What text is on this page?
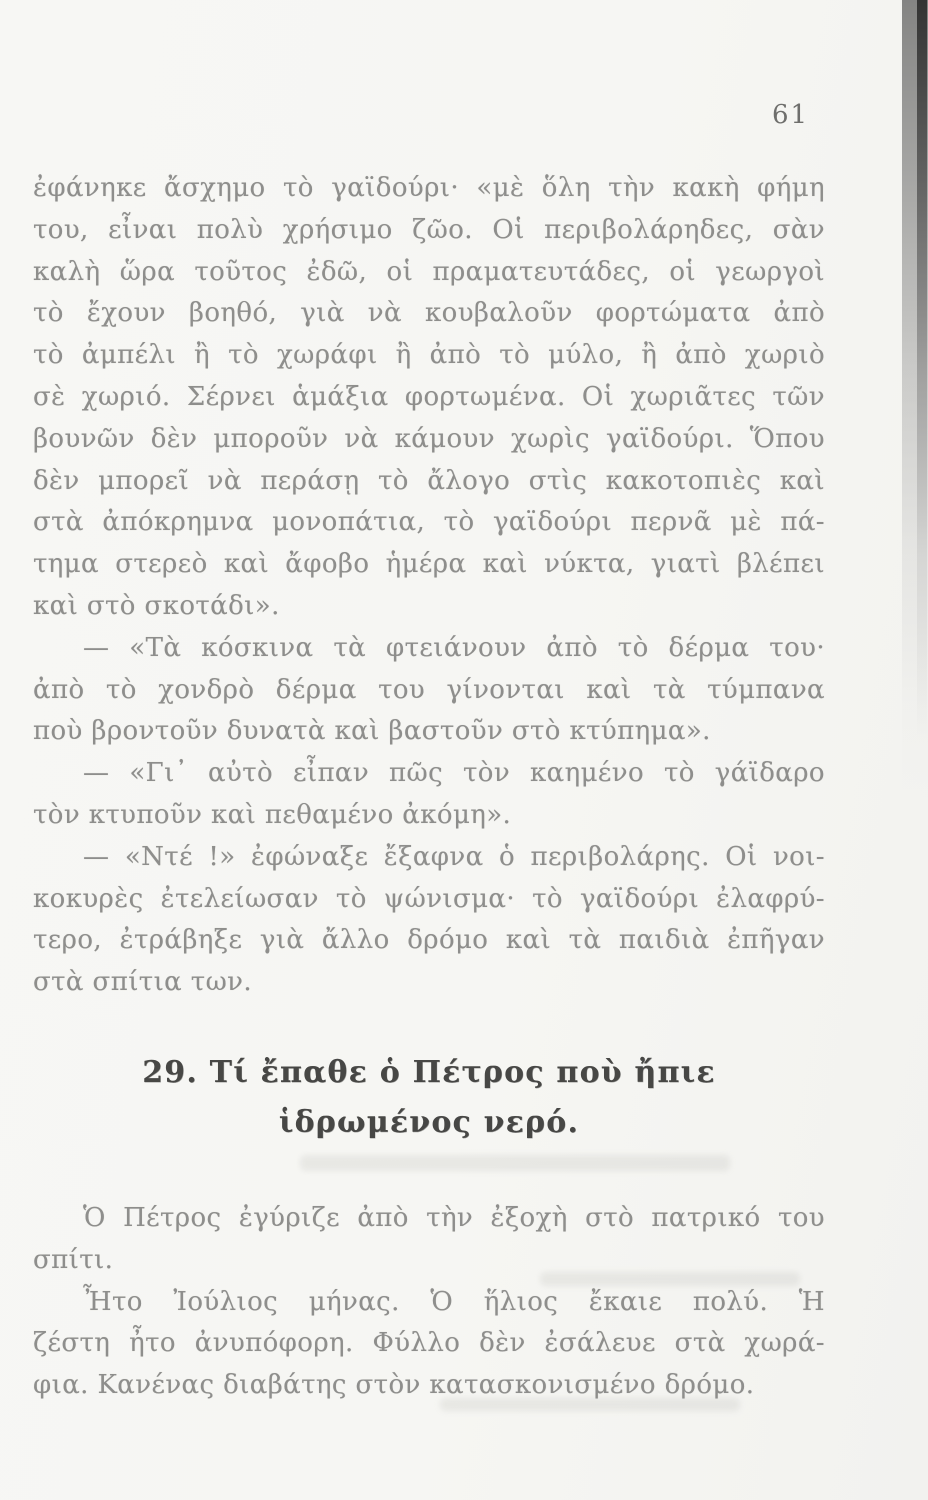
61
ἐφάνηκε ἄσχημο τὸ γαϊδούρι· «μὲ ὅλη τὴν κακὴ φήμη
του, εἶναι πολὺ χρήσιμο ζῶο. Οἱ περιβολάρηδες, σὰν
καλὴ ὥρα τοῦτος ἐδῶ, οἱ πραματευτάδες, οἱ γεωργοὶ
τὸ ἔχουν βοηθό, γιὰ νὰ κουβαλοῦν φορτώματα ἀπὸ
τὸ ἀμπέλι ἢ τὸ χωράφι ἢ ἀπὸ τὸ μύλο, ἢ ἀπὸ χωριὸ
σὲ χωριό. Σέρνει ἁμάξια φορτωμένα. Οἱ χωριᾶτες τῶν
βουνῶν δὲν μποροῦν νὰ κάμουν χωρὶς γαϊδούρι. Ὅπου
δὲν μπορεῖ νὰ περάσῃ τὸ ἄλογο στὶς κακοτοπιὲς καὶ
στὰ ἀπόκρημνα μονοπάτια, τὸ γαϊδούρι περνᾶ μὲ πά-
τημα στερεὸ καὶ ἄφοβο ἡμέρα καὶ νύκτα, γιατὶ βλέπει
καὶ στὸ σκοτάδι».
— «Τὰ κόσκινα τὰ φτειάνουν ἀπὸ τὸ δέρμα του·
ἀπὸ τὸ χονδρὸ δέρμα του γίνονται καὶ τὰ τύμπανα
ποὺ βροντοῦν δυνατὰ καὶ βαστοῦν στὸ κτύπημα».
— «Γι᾽ αὐτὸ εἶπαν πῶς τὸν καημένο τὸ γάϊδαρο
τὸν κτυποῦν καὶ πεθαμένο ἀκόμη».
— «Ντέ !» ἐφώναξε ἔξαφνα ὁ περιβολάρης. Οἱ νοι-
κοκυρὲς ἐτελείωσαν τὸ ψώνισμα· τὸ γαϊδούρι ἐλαφρύ-
τερο, ἐτράβηξε γιὰ ἄλλο δρόμο καὶ τὰ παιδιὰ ἐπῆγαν
στὰ σπίτια των.
29. Τί ἔπαθε ὁ Πέτρος ποὺ ἤπιε
ἱδρωμένος νερό.
Ὁ Πέτρος ἐγύριζε ἀπὸ τὴν ἐξοχὴ στὸ πατρικό του
σπίτι.
Ἦτο Ἰούλιος μήνας. Ὁ ἥλιος ἔκαιε πολύ. Ἡ
ζέστη ἦτο ἀνυπόφορη. Φύλλο δὲν ἐσάλευε στὰ χωρά-
φια. Κανένας διαβάτης στὸν κατασκονισμένο δρόμο.
